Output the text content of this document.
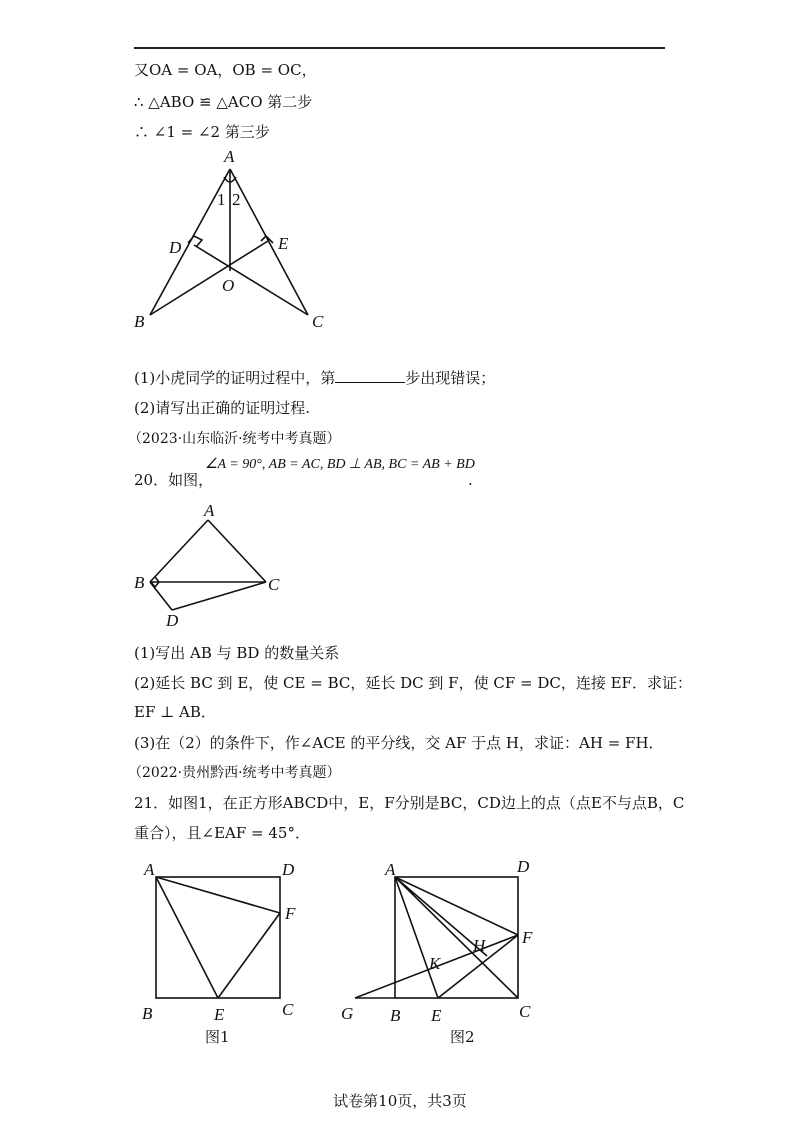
又OA = OA，OB = OC，
∴ △ABO ≌ △ACO 第二步
∴ ∠1 = ∠2 第三步
A
1 2
D	E
O
B	C
(1)小虎同学的证明过程中，第	步出现错误；
(2)请写出正确的证明过程.
（2023·山东临沂·统考中考真题）
20．如图，
∠A = 90°, AB = AC, BD ⊥ AB, BC = AB + BD
.
A
B	C
D
(1)写出 AB 与 BD 的数量关系
(2)延长 BC 到 E，使 CE = BC，延长 DC 到 F，使 CF = DC，连接 EF．求证：
EF ⊥ AB．
(3)在（2）的条件下，作∠ACE 的平分线，交 AF 于点 H，求证：AH = FH．
（2022·贵州黔西·统考中考真题）
21．如图1，在正方形ABCD中，E，F分别是BC，CD边上的点（点E不与点B，C
重合），且∠EAF = 45°．
A	D
F
B	E	C
图1
A	D
F
H
K
G B E	C
图2
试卷第10页，共3页
